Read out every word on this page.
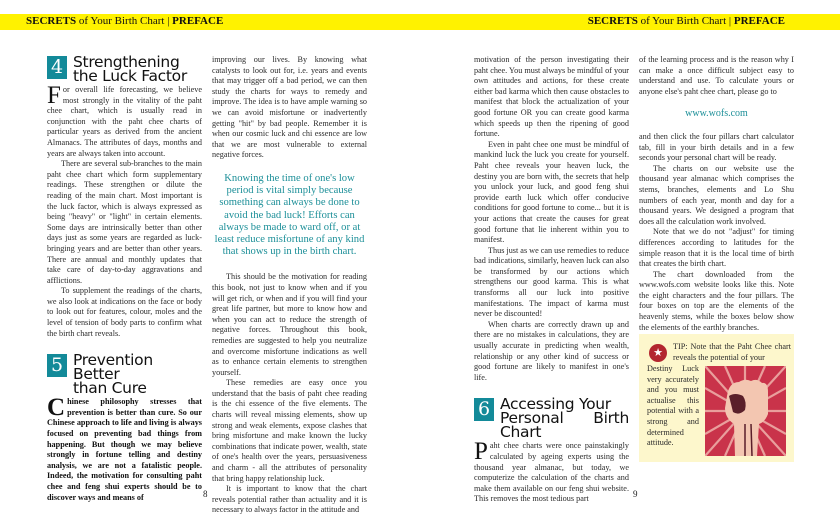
SECRETS of Your Birth Chart | PREFACE	SECRETS of Your Birth Chart | PREFACE
4 Strengthening
the Luck Factor

For overall life forecasting, we believe most strongly in the vitality of the paht chee chart, which is usually read in conjunction with the paht chee charts of particular years as derived from the ancient Almanacs. The attributes of days, months and years are always taken into account.

There are several sub-branches to the main paht chee chart which form supplementary readings. These strengthen or dilute the reading of the main chart. Most important is the luck factor, which is always expressed as being "heavy" or "light" in certain elements. Some days are intrinsically better than other days just as some years are regarded as luck-bringing years and are better than other years. There are annual and monthly updates that take care of day-to-day aggravations and afflictions.

To supplement the readings of the charts, we also look at indications on the face or body to look out for features, colour, moles and the level of tension of body parts to confirm what the birth chart reveals.

5 Prevention Better
than Cure

Chinese philosophy stresses that prevention is better than cure. So our Chinese approach to life and living is always focused on preventing bad things from happening. But though we may believe strongly in fortune telling and destiny analysis, we are not a fatalistic people. Indeed, the motivation for consulting paht chee and feng shui experts should be to discover ways and means of

improving our lives. By knowing what catalysts to look out for, i.e. years and events that may trigger off a bad period, we can then study the charts for ways to remedy and improve. The idea is to have ample warning so we can avoid misfortune or inadvertently getting "hit" by bad people. Remember it is when our cosmic luck and chi essence are low that we are most vulnerable to external negative forces.

Knowing the time of one's low period is vital simply because something can always be done to avoid the bad luck! Efforts can always be made to ward off, or at least reduce misfortune of any kind that shows up in the birth chart.

This should be the motivation for reading this book, not just to know when and if you will get rich, or when and if you will find your great life partner, but more to know how and when you can act to reduce the strength of negative forces. Throughout this book, remedies are suggested to help you neutralize and overcome misfortune indications as well as to enhance certain elements to strengthen yourself.

These remedies are easy once you understand that the basis of paht chee reading is the chi essence of the five elements. The charts will reveal missing elements, show up strong and weak elements, expose clashes that bring misfortune and make known the lucky combinations that indicate power, wealth, state of one's health over the years, persuasiveness and charm - all the attributes of personality that bring happy relationship luck.

It is important to know that the chart reveals potential rather than actuality and it is necessary to always factor in the attitude and

8

motivation of the person investigating their paht chee. You must always be mindful of your own attitudes and actions, for these create either bad karma which then cause obstacles to manifest that block the actualization of your good fortune OR you can create good karma which speeds up then the ripening of good fortune.

Even in paht chee one must be mindful of mankind luck the luck you create for yourself. Paht chee reveals your heaven luck, the destiny you are born with, the secrets that help you unlock your luck, and good feng shui provide earth luck which offer conducive conditions for good fortune to come... but it is your actions that create the causes for great good fortune that lie inherent within you to manifest.

Thus just as we can use remedies to reduce bad indications, similarly, heaven luck can also be transformed by our actions which strengthens our good karma. This is what transforms all our luck into positive manifestations. The impact of karma must never be discounted!

When charts are correctly drawn up and there are no mistakes in calculations, they are usually accurate in predicting when wealth, relationship or any other kind of success or good fortune are likely to manifest in one's life.

6 Accessing Your
Personal Birth Chart

Paht chee charts were once painstakingly calculated by ageing experts using the thousand year almanac, but today, we computerize the calculation of the charts and make them available on our feng shui website. This removes the most tedious part

of the learning process and is the reason why I can make a once difficult subject easy to understand and use. To calculate yours or anyone else's paht chee chart, please go to

www.wofs.com

and then click the four pillars chart calculator tab, fill in your birth details and in a few seconds your personal chart will be ready.

The charts on our website use the thousand year almanac which comprises the stems, branches, elements and Lo Shu numbers of each year, month and day for a thousand years. We designed a program that does all the calculation work involved.

Note that we do not "adjust" for timing differences according to latitudes for the simple reason that it is the local time of birth that creates the birth chart.

The chart downloaded from the www.wofs.com website looks like this. Note the eight characters and the four pillars. The four boxes on top are the elements of the heavenly stems, while the boxes below show the elements of the earthly branches.

★
TIP: Note that the Paht Chee chart reveals the potential of your
Destiny Luck very accurately and you must actualise this potential with a strong and determined attitude.
9
